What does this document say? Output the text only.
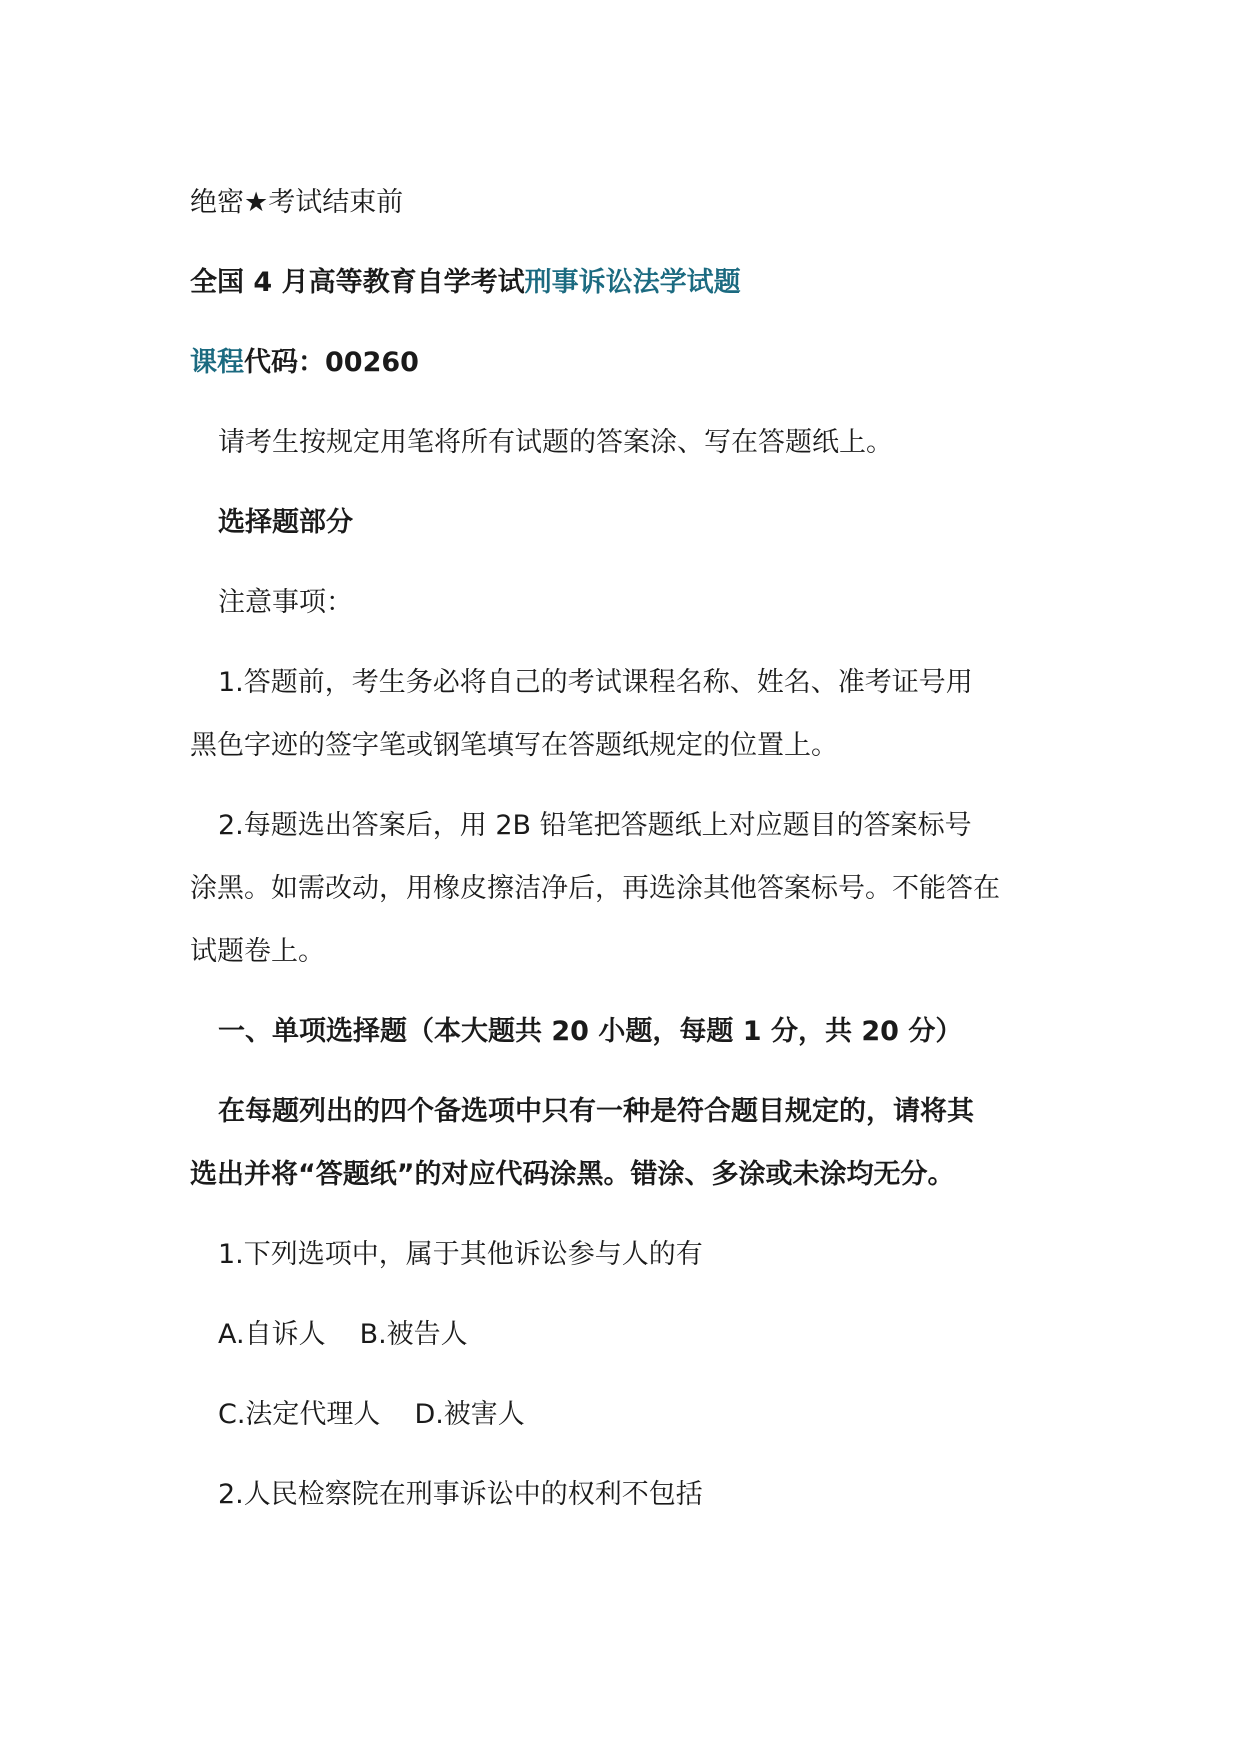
绝密★考试结束前
全国 4 月高等教育自学考试刑事诉讼法学试题
课程代码：00260
请考生按规定用笔将所有试题的答案涂、写在答题纸上。
选择题部分
注意事项：
1.答题前，考生务必将自己的考试课程名称、姓名、准考证号用
黑色字迹的签字笔或钢笔填写在答题纸规定的位置上。
2.每题选出答案后，用 2B 铅笔把答题纸上对应题目的答案标号
涂黑。如需改动，用橡皮擦洁净后，再选涂其他答案标号。不能答在
试题卷上。
一、单项选择题（本大题共 20 小题，每题 1 分，共 20 分）
在每题列出的四个备选项中只有一种是符合题目规定的，请将其
选出并将“答题纸”的对应代码涂黑。错涂、多涂或未涂均无分。
1.下列选项中，属于其他诉讼参与人的有
A.自诉人 B.被告人
C.法定代理人 D.被害人
2.人民检察院在刑事诉讼中的权利不包括
